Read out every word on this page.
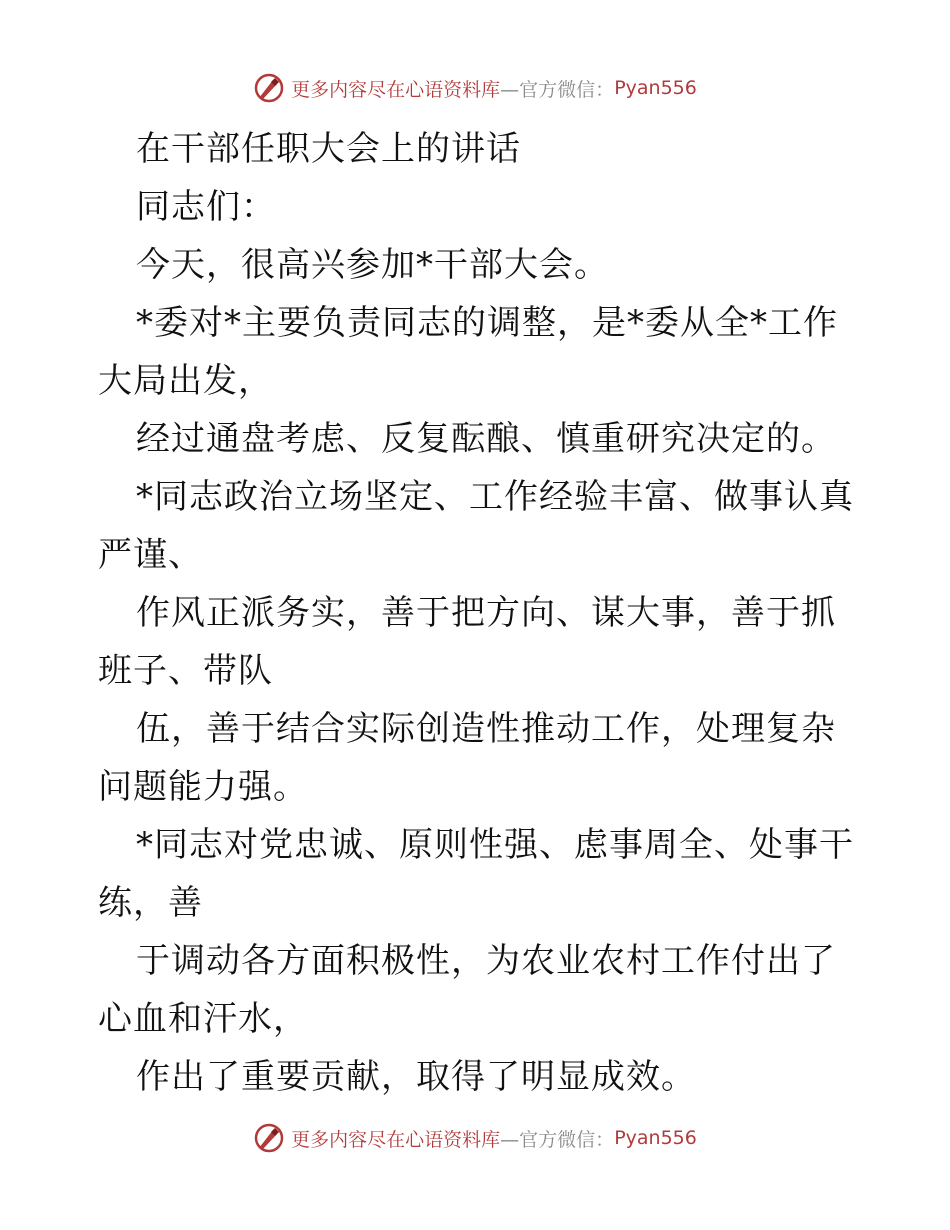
更多内容尽在心语资料库 —官方微信： Pyan556

在干部任职大会上的讲话

同志们：

今天，很高兴参加*干部大会。

*委对*主要负责同志的调整，是*委从全*工作大局出发，

经过通盘考虑、反复酝酿、慎重研究决定的。

*同志政治立场坚定、工作经验丰富、做事认真严谨、

作风正派务实，善于把方向、谋大事，善于抓班子、带队

伍，善于结合实际创造性推动工作，处理复杂问题能力强。

*同志对党忠诚、原则性强、虑事周全、处事干练，善

于调动各方面积极性，为农业农村工作付出了心血和汗水，

作出了重要贡献，取得了明显成效。

更多内容尽在心语资料库 —官方微信： Pyan556
